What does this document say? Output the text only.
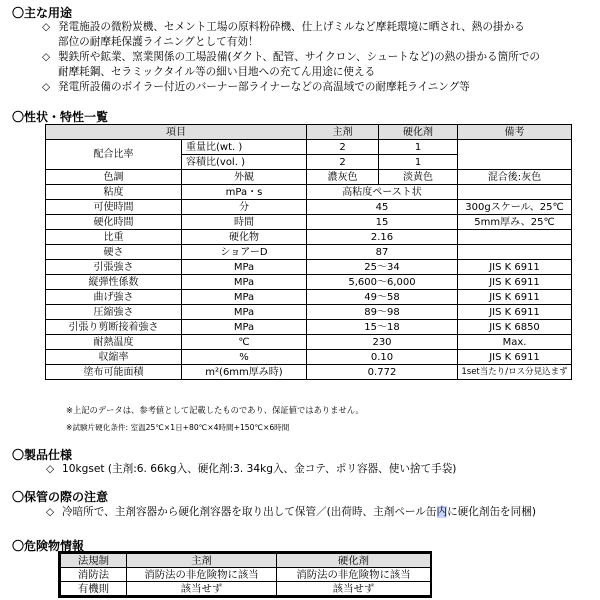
〇主な用途
◇ 発電施設の微粉炭機、セメント工場の原料粉砕機、仕上げミルなど摩耗環境に晒され、熱の掛かる
部位の耐摩耗保護ライニングとして有効！
◇ 製鉄所や鉱業、窯業関係の工場設備(ダクト、配管、サイクロン、シュートなど)の熱の掛かる箇所での
耐摩耗鋼、セラミックタイル等の細い目地への充てん用途に使える
◇ 発電所設備のボイラー付近のバーナー部ライナーなどの高温域での耐摩耗ライニング等
〇性状・特性一覧
項目		主剤	硬化剤	備考
配合比率	重量比(wt. )	2	1	
	容積比(vol. )	2	1	
色調	外観	濃灰色	淡黄色	混合後:灰色
粘度	mPa・s	高粘度ペースト状		
可使時間	分	45		300gスケール、25℃
硬化時間	時間	15		5mm厚み、25℃
比重	硬化物	2.16		
硬さ	ショアーD	87		
引張強さ	MPa	25～34		JIS K 6911
縦弾性係数	MPa	5,600～6,000		JIS K 6911
曲げ強さ	MPa	49～58		JIS K 6911
圧縮強さ	MPa	89～98		JIS K 6911
引張り剪断接着強さ	MPa	15～18		JIS K 6850
耐熱温度	℃	230		Max.
収縮率	%	0.10		JIS K 6911
塗布可能面積	m²(6mm厚み時)	0.772		1set当たり/ロス分見込まず
※上記のデータは、参考値として記載したものであり、保証値ではありません。
※試験片硬化条件: 室温25℃×1日+80℃×4時間+150℃×6時間
〇製品仕様
◇ 10kgset (主剤:6. 66kg入、硬化剤:3. 34kg入、金コテ、ポリ容器、使い捨て手袋)
〇保管の際の注意
◇ 冷暗所で、主剤容器から硬化剤容器を取り出して保管／(出荷時、主剤ペール缶内に硬化剤缶を同梱)
〇危険物情報
法規制	主剤	硬化剤
消防法	消防法の非危険物に該当	消防法の非危険物に該当
有機則	該当せず	該当せず
